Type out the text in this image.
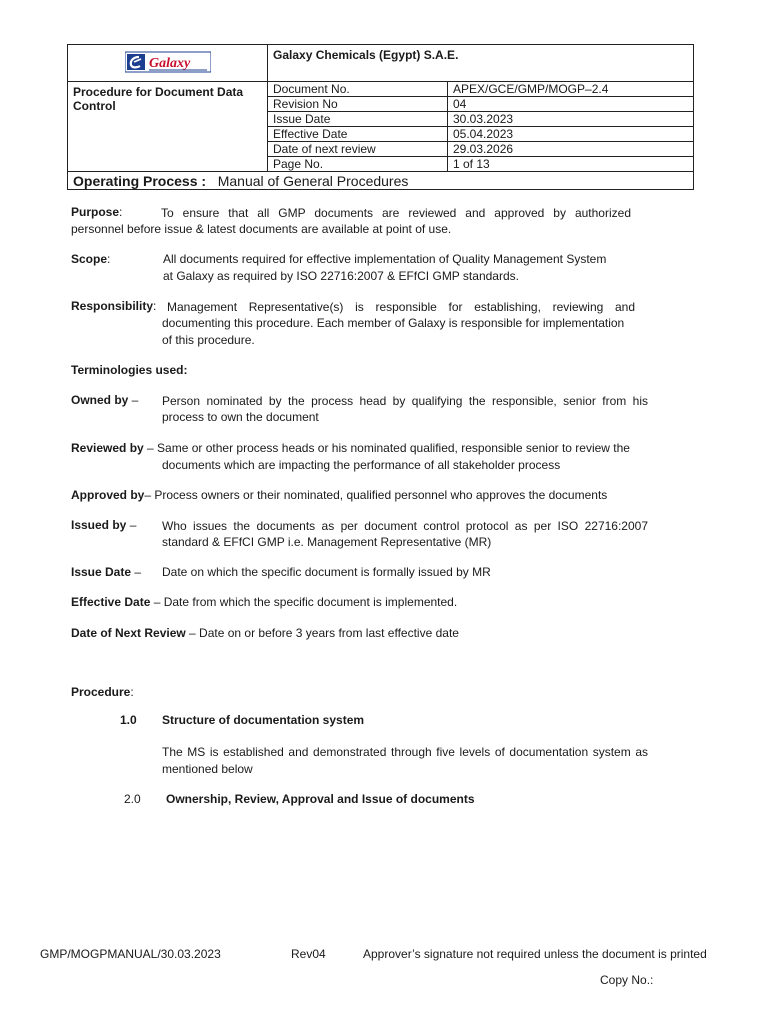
Galaxy	Galaxy Chemicals (Egypt) S.A.E.	
Procedure for Document Data Control	Document No.	APEX/GCE/GMP/MOGP–2.4
	Revision No	04
	Issue Date	30.03.2023
	Effective Date	05.04.2023
	Date of next review	29.03.2026
	Page No.	1 of 13
Operating Process : Manual of General Procedures		
Purpose:	To ensure that all GMP documents are reviewed and approved by authorized
personnel before issue & latest documents are available at point of use.
Scope:	All documents required for effective implementation of Quality Management System
at Galaxy as required by ISO 22716:2007 & EFfCI GMP standards.
Responsibility: Management Representative(s) is responsible for establishing, reviewing and
documenting this procedure. Each member of Galaxy is responsible for implementation
of this procedure.
Terminologies used:
Owned by – Person nominated by the process head by qualifying the responsible, senior from his
process to own the document
Reviewed by – Same or other process heads or his nominated qualified, responsible senior to review the
documents which are impacting the performance of all stakeholder process
Approved by– Process owners or their nominated, qualified personnel who approves the documents
Issued by – Who issues the documents as per document control protocol as per ISO 22716:2007
standard & EFfCI GMP i.e. Management Representative (MR)
Issue Date – Date on which the specific document is formally issued by MR
Effective Date – Date from which the specific document is implemented.
Date of Next Review – Date on or before 3 years from last effective date
Procedure:
1.0 Structure of documentation system
The MS is established and demonstrated through five levels of documentation system as
mentioned below
2.0 Ownership, Review, Approval and Issue of documents
GMP/MOGPMANUAL/30.03.2023	Rev04	Approver’s signature not required unless the document is printed
Copy No.:
